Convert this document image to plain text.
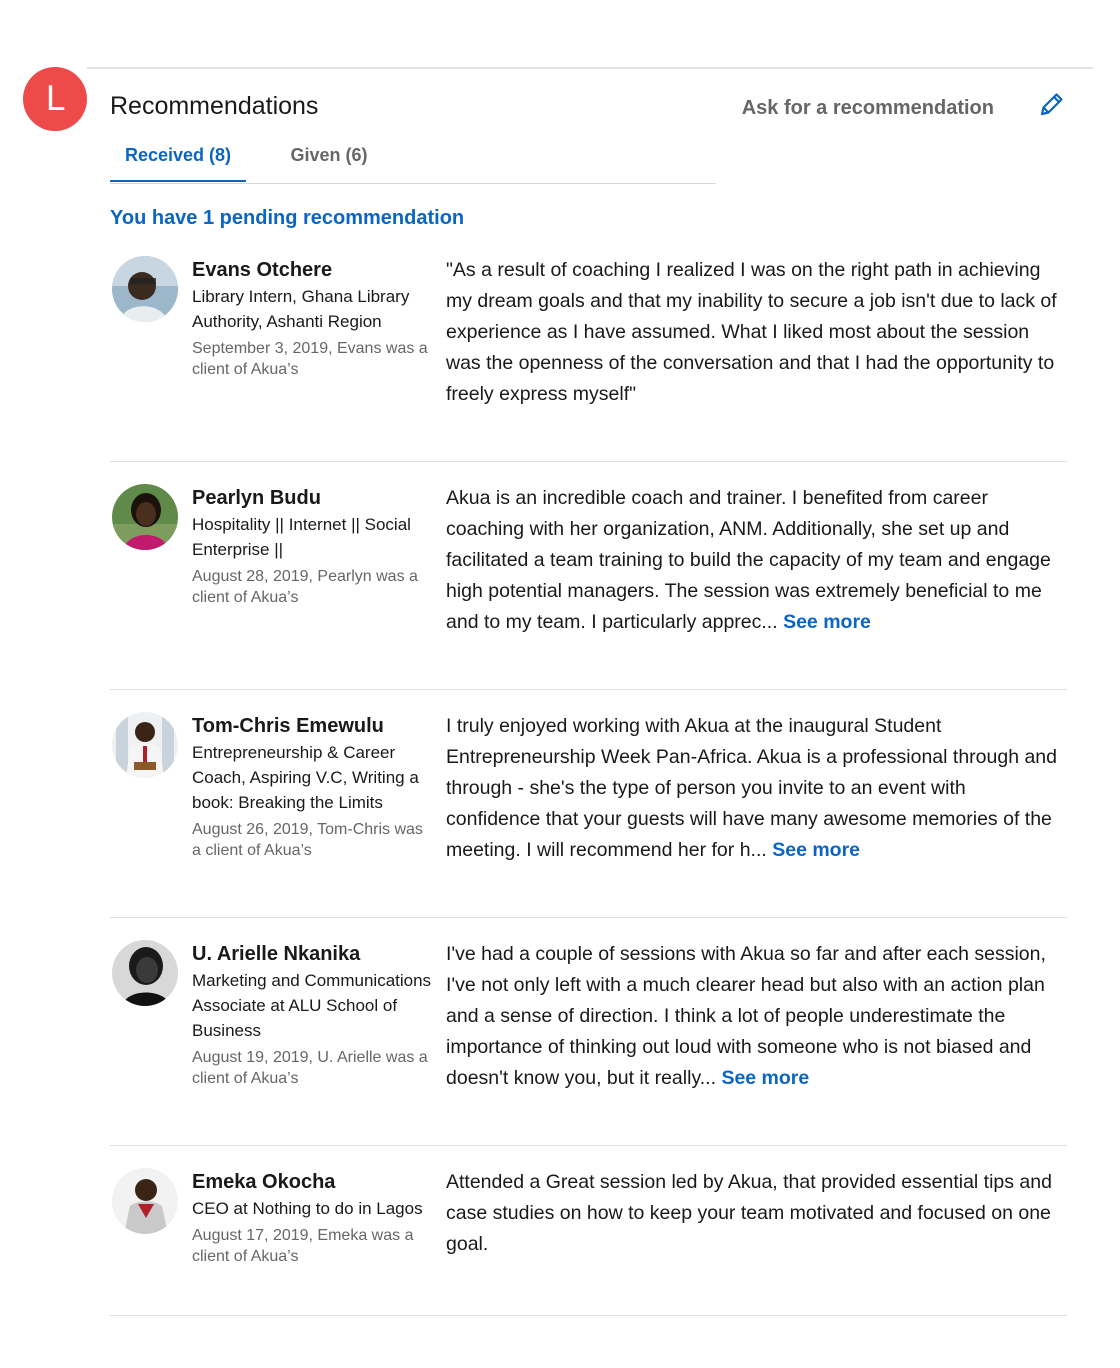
L	Recommendations	Ask for a recommendation
Received (8)	Given (6)
You have 1 pending recommendation
Evans Otchere
Library Intern, Ghana Library Authority, Ashanti Region
September 3, 2019, Evans was a client of Akua’s
"As a result of coaching I realized I was on the right path in achieving my dream goals and that my inability to secure a job isn't due to lack of experience as I have assumed. What I liked most about the session was the openness of the conversation and that I had the opportunity to freely express myself"
Pearlyn Budu
Hospitality || Internet || Social Enterprise ||
August 28, 2019, Pearlyn was a client of Akua’s
Akua is an incredible coach and trainer. I benefited from career coaching with her organization, ANM. Additionally, she set up and facilitated a team training to build the capacity of my team and engage high potential managers. The session was extremely beneficial to me and to my team. I particularly apprec... See more
Tom-Chris Emewulu
Entrepreneurship & Career Coach, Aspiring V.C, Writing a book: Breaking the Limits
August 26, 2019, Tom-Chris was a client of Akua’s
I truly enjoyed working with Akua at the inaugural Student Entrepreneurship Week Pan-Africa. Akua is a professional through and through - she's the type of person you invite to an event with confidence that your guests will have many awesome memories of the meeting. I will recommend her for h... See more
U. Arielle Nkanika
Marketing and Communications Associate at ALU School of Business
August 19, 2019, U. Arielle was a client of Akua’s
I've had a couple of sessions with Akua so far and after each session, I've not only left with a much clearer head but also with an action plan and a sense of direction. I think a lot of people underestimate the importance of thinking out loud with someone who is not biased and doesn't know you, but it really... See more
Emeka Okocha
CEO at Nothing to do in Lagos
August 17, 2019, Emeka was a client of Akua’s
Attended a Great session led by Akua, that provided essential tips and case studies on how to keep your team motivated and focused on one goal.
